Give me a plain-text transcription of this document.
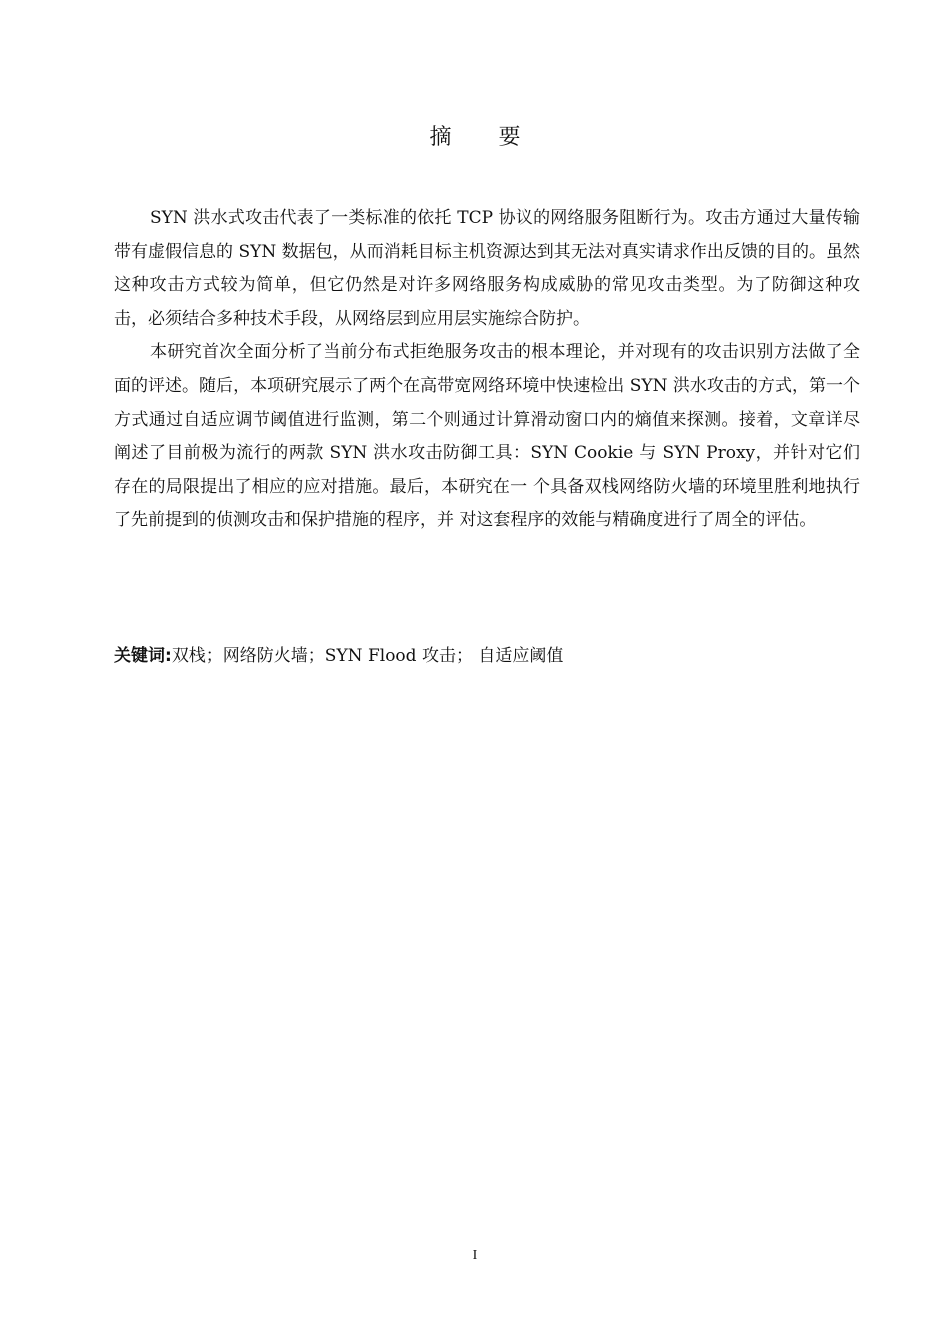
摘 要

SYN 洪水式攻击代表了一类标准的依托 TCP 协议的网络服务阻断行为。攻击方通过大量传输带有虚假信息的 SYN 数据包，从而消耗目标主机资源达到其无法对真实请求作出反馈的目的。虽然这种攻击方式较为简单，但它仍然是对许多网络服务构成威胁的常见攻击类型。为了防御这种攻击，必须结合多种技术手段，从网络层到应用层实施综合防护。

本研究首次全面分析了当前分布式拒绝服务攻击的根本理论，并对现有的攻击识别方法做了全面的评述。随后，本项研究展示了两个在高带宽网络环境中快速检出 SYN 洪水攻击的方式，第一个方式通过自适应调节阈值进行监测，第二个则通过计算滑动窗口内的熵值来探测。接着，文章详尽阐述了目前极为流行的两款 SYN 洪水攻击防御工具：SYN Cookie 与 SYN Proxy，并针对它们存在的局限提出了相应的应对措施。最后，本研究在一 个具备双栈网络防火墙的环境里胜利地执行了先前提到的侦测攻击和保护措施的程序，并 对这套程序的效能与精确度进行了周全的评估。

关键词:双栈；网络防火墙；SYN Flood 攻击； 自适应阈值
I
